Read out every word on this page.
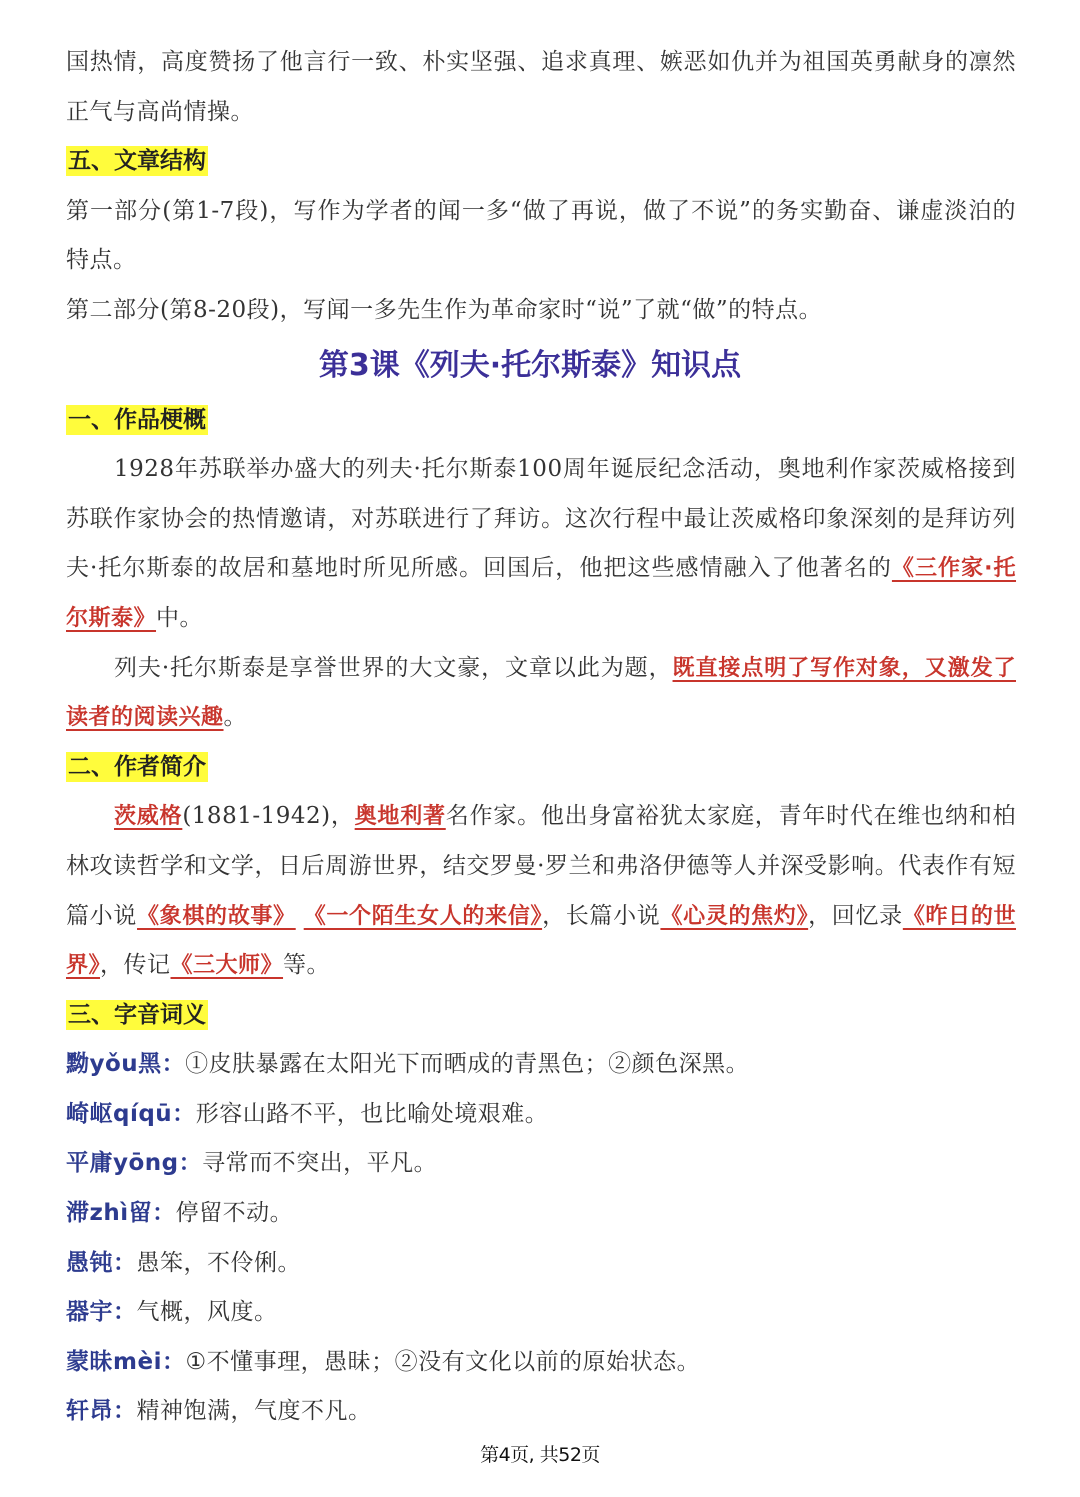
国热情，高度赞扬了他言行一致、朴实坚强、追求真理、嫉恶如仇并为祖国英勇献身的凛然正气与高尚情操。

五、文章结构

第一部分(第1-7段)，写作为学者的闻一多“做了再说，做了不说”的务实勤奋、谦虚淡泊的特点。

第二部分(第8-20段)，写闻一多先生作为革命家时“说”了就“做”的特点。

第3课《列夫·托尔斯泰》知识点

一、作品梗概

1928年苏联举办盛大的列夫·托尔斯泰100周年诞辰纪念活动，奥地利作家茨威格接到苏联作家协会的热情邀请，对苏联进行了拜访。这次行程中最让茨威格印象深刻的是拜访列夫·托尔斯泰的故居和墓地时所见所感。回国后，他把这些感情融入了他著名的《三作家·托尔斯泰》中。

列夫·托尔斯泰是享誉世界的大文豪，文章以此为题，既直接点明了写作对象，又激发了读者的阅读兴趣。

二、作者简介

茨威格(1881-1942)，奥地利著名作家。他出身富裕犹太家庭，青年时代在维也纳和柏林攻读哲学和文学，日后周游世界，结交罗曼·罗兰和弗洛伊德等人并深受影响。代表作有短篇小说《象棋的故事》 《一个陌生女人的来信》，长篇小说《心灵的焦灼》，回忆录《昨日的世界》，传记《三大师》等。

三、字音词义

黝yǒu黑：①皮肤暴露在太阳光下而晒成的青黑色；②颜色深黑。

崎岖qíqū：形容山路不平，也比喻处境艰难。

平庸yōng：寻常而不突出，平凡。

滞zhì留：停留不动。

愚钝：愚笨，不伶俐。

器宇：气概，风度。

蒙昧mèi：①不懂事理，愚昧；②没有文化以前的原始状态。

轩昂：精神饱满，气度不凡。

第4页, 共52页
